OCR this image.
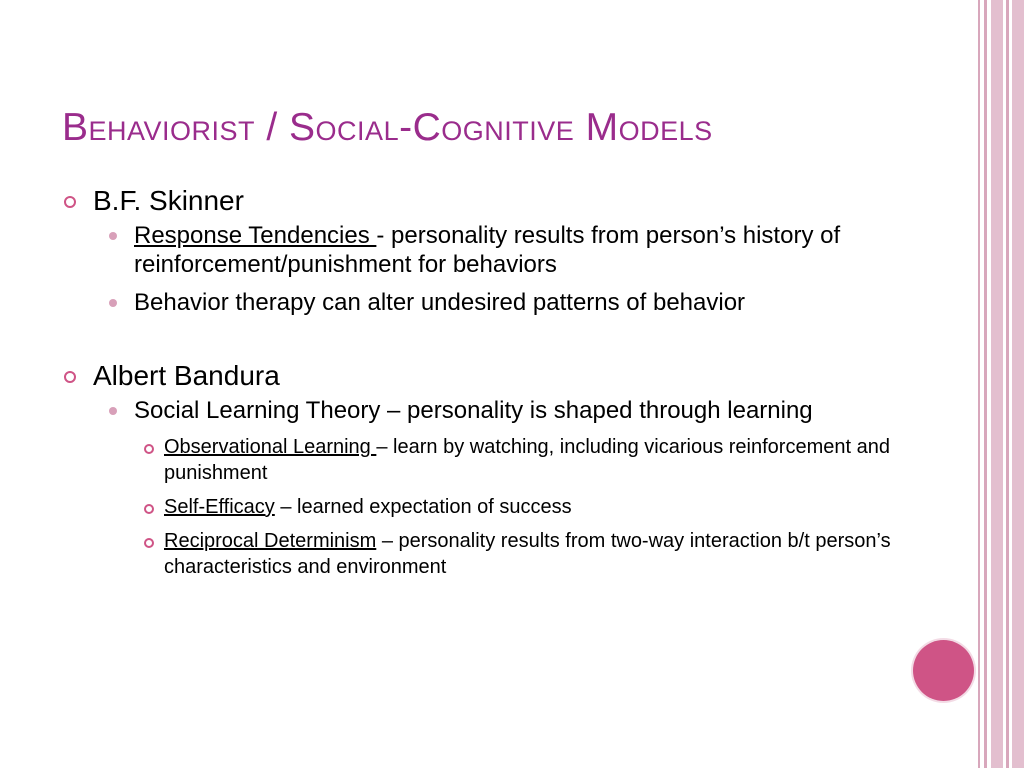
Behaviorist / Social-Cognitive Models
B.F. Skinner
Response Tendencies - personality results from person’s history of reinforcement/punishment for behaviors
Behavior therapy can alter undesired patterns of behavior
Albert Bandura
Social Learning Theory – personality is shaped through learning
Observational Learning – learn by watching, including vicarious reinforcement and punishment
Self-Efficacy – learned expectation of success
Reciprocal Determinism – personality results from two-way interaction b/t person’s characteristics and environment
